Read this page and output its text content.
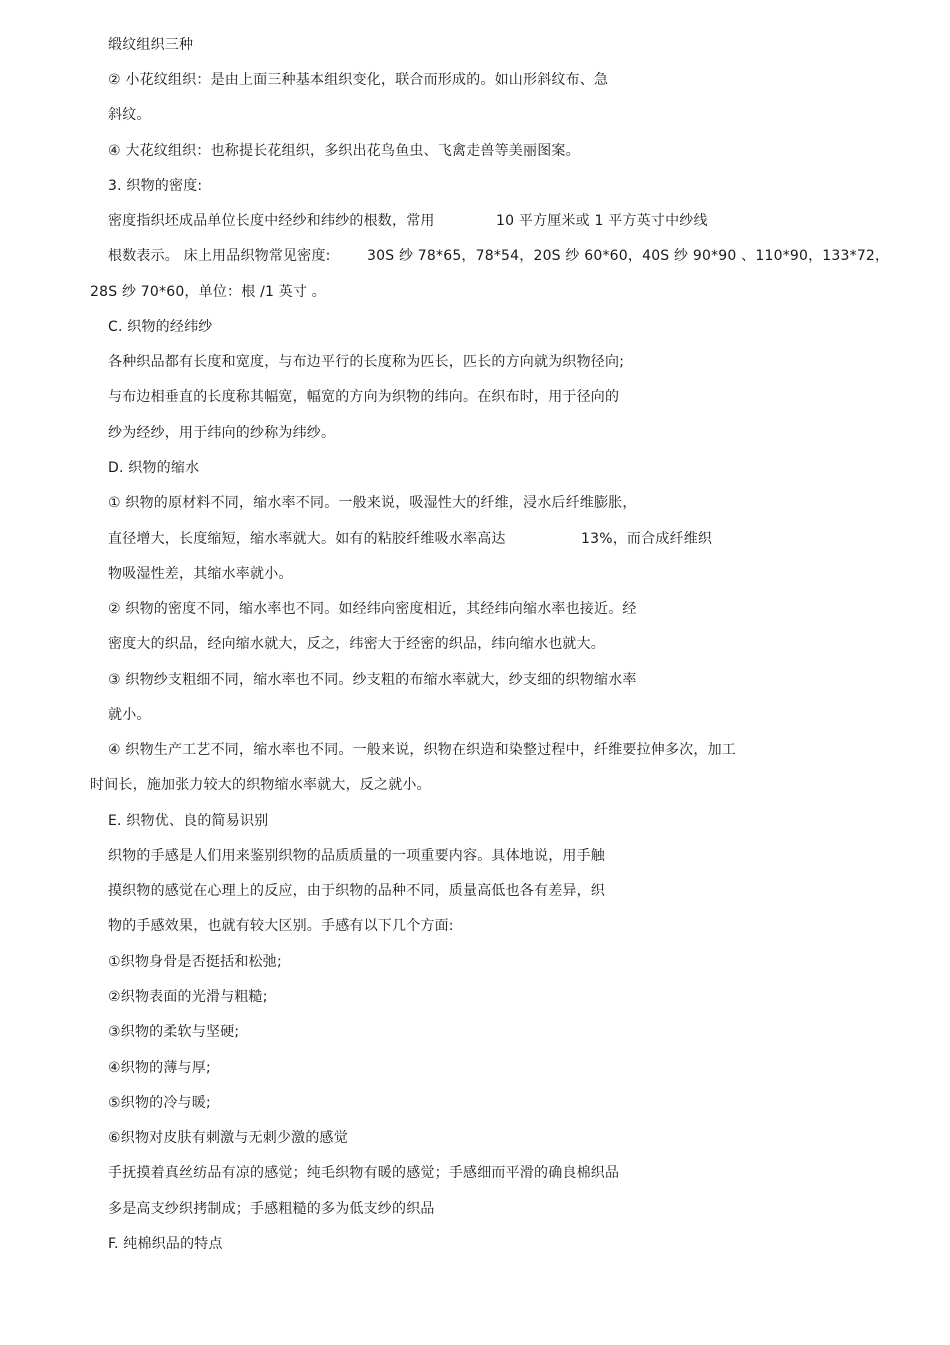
缎纹组织三种
② 小花纹组织：是由上面三种基本组织变化，联合而形成的。如山形斜纹布、急
斜纹。
④ 大花纹组织：也称提长花组织，多织出花鸟鱼虫、飞禽走兽等美丽图案。
3. 织物的密度:
密度指织坯成品单位长度中经纱和纬纱的根数，常用	10 平方厘米或 1 平方英寸中纱线
根数表示。 床上用品织物常见密度:	30S 纱 78*65，78*54，20S 纱 60*60，40S 纱 90*90 、110*90，133*72，
28S 纱 70*60，单位：根 /1 英寸 。
C. 织物的经纬纱
各种织品都有长度和宽度，与布边平行的长度称为匹长，匹长的方向就为织物径向;
与布边相垂直的长度称其幅宽，幅宽的方向为织物的纬向。在织布时，用于径向的
纱为经纱，用于纬向的纱称为纬纱。
D. 织物的缩水
① 织物的原材料不同，缩水率不同。一般来说，吸湿性大的纤维，浸水后纤维膨胀，
直径增大，长度缩短，缩水率就大。如有的粘胶纤维吸水率高达	13%，而合成纤维织
物吸湿性差，其缩水率就小。
② 织物的密度不同，缩水率也不同。如经纬向密度相近，其经纬向缩水率也接近。经
密度大的织品，经向缩水就大，反之，纬密大于经密的织品，纬向缩水也就大。
③ 织物纱支粗细不同，缩水率也不同。纱支粗的布缩水率就大，纱支细的织物缩水率
就小。
④ 织物生产工艺不同，缩水率也不同。一般来说，织物在织造和染整过程中，纤维要拉伸多次，加工
时间长，施加张力较大的织物缩水率就大，反之就小。
E. 织物优、良的简易识别
织物的手感是人们用来鉴别织物的品质质量的一项重要内容。具体地说，用手触
摸织物的感觉在心理上的反应，由于织物的品种不同，质量高低也各有差异，织
物的手感效果，也就有较大区别。手感有以下几个方面:
①织物身骨是否挺括和松弛;
②织物表面的光滑与粗糙;
③织物的柔软与坚硬;
④织物的薄与厚;
⑤织物的冷与暖;
⑥织物对皮肤有刺激与无刺少激的感觉
手抚摸着真丝纺品有凉的感觉；纯毛织物有暖的感觉；手感细而平滑的确良棉织品
多是高支纱织拷制成；手感粗糙的多为低支纱的织品
F. 纯棉织品的特点
